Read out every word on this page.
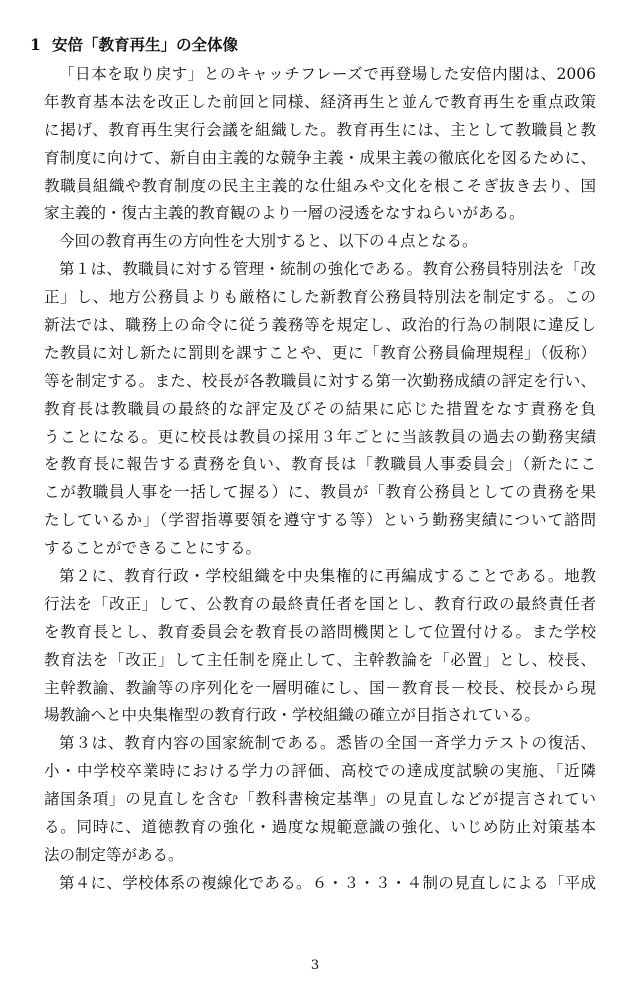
1 安倍「教育再生」の全体像
「日本を取り戻す」とのキャッチフレーズで再登場した安倍内閣は、2006
年教育基本法を改正した前回と同様、経済再生と並んで教育再生を重点政策
に掲げ、教育再生実行会議を組織した。教育再生には、主として教職員と教
育制度に向けて、新自由主義的な競争主義・成果主義の徹底化を図るために、
教職員組織や教育制度の民主主義的な仕組みや文化を根こそぎ抜き去り、国
家主義的・復古主義的教育観のより一層の浸透をなすねらいがある。
今回の教育再生の方向性を大別すると、以下の４点となる。
第１は、教職員に対する管理・統制の強化である。教育公務員特別法を「改
正」し、地方公務員よりも厳格にした新教育公務員特別法を制定する。この
新法では、職務上の命令に従う義務等を規定し、政治的行為の制限に違反し
た教員に対し新たに罰則を課すことや、更に「教育公務員倫理規程」（仮称）
等を制定する。また、校長が各教職員に対する第一次勤務成績の評定を行い、
教育長は教職員の最終的な評定及びその結果に応じた措置をなす責務を負
うことになる。更に校長は教員の採用３年ごとに当該教員の過去の勤務実績
を教育長に報告する責務を負い、教育長は「教職員人事委員会」（新たにこ
こが教職員人事を一括して握る）に、教員が「教育公務員としての責務を果
たしているか」（学習指導要領を遵守する等）という勤務実績について諮問
することができることにする。
第２に、教育行政・学校組織を中央集権的に再編成することである。地教
行法を「改正」して、公教育の最終責任者を国とし、教育行政の最終責任者
を教育長とし、教育委員会を教育長の諮問機関として位置付ける。また学校
教育法を「改正」して主任制を廃止して、主幹教論を「必置」とし、校長、
主幹教諭、教諭等の序列化を一層明確にし、国－教育長－校長、校長から現
場教諭へと中央集権型の教育行政・学校組織の確立が目指されている。
第３は、教育内容の国家統制である。悉皆の全国一斉学力テストの復活、
小・中学校卒業時における学力の評価、高校での達成度試験の実施、「近隣
諸国条項」の見直しを含む「教科書検定基準」の見直しなどが提言されてい
る。同時に、道徳教育の強化・過度な規範意識の強化、いじめ防止対策基本
法の制定等がある。
第４に、学校体系の複線化である。６・３・３・４制の見直しによる「平成
3
